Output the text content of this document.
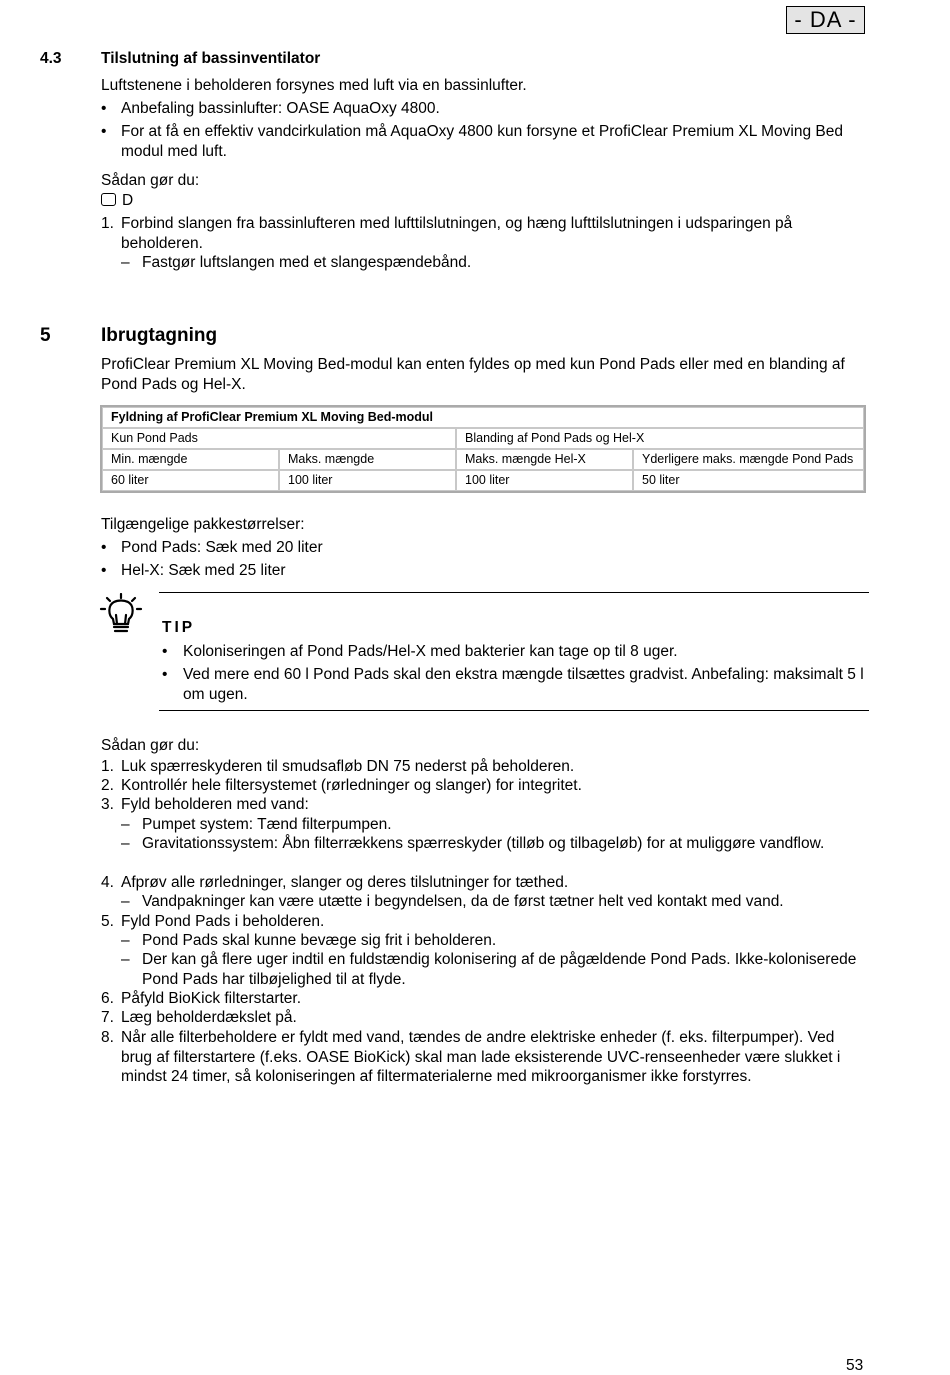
- DA -
4.3	Tilslutning af bassinventilator
Luftstenene i beholderen forsynes med luft via en bassinlufter.
• Anbefaling bassinlufter: OASE AquaOxy 4800.
• For at få en effektiv vandcirkulation må AquaOxy 4800 kun forsyne et ProfiClear Premium XL Moving Bed modul med luft.
Sådan gør du:
D
1. Forbind slangen fra bassinlufteren med lufttilslutningen, og hæng lufttilslutningen i udsparingen på beholderen.
– Fastgør luftslangen med et slangespændebånd.
5	Ibrugtagning
ProfiClear Premium XL Moving Bed-modul kan enten fyldes op med kun Pond Pads eller med en blanding af Pond Pads og Hel-X.
Fyldning af ProfiClear Premium XL Moving Bed-modul			
Kun Pond Pads		Blanding af Pond Pads og Hel-X	
Min. mængde	Maks. mængde	Maks. mængde Hel-X	Yderligere maks. mængde Pond Pads
60 liter	100 liter	100 liter	50 liter
Tilgængelige pakkestørrelser:
• Pond Pads: Sæk med 20 liter
• Hel-X: Sæk med 25 liter
TIP
• Koloniseringen af Pond Pads/Hel-X med bakterier kan tage op til 8 uger.
• Ved mere end 60 l Pond Pads skal den ekstra mængde tilsættes gradvist. Anbefaling: maksimalt 5 l om ugen.
Sådan gør du:
1. Luk spærreskyderen til smudsafløb DN 75 nederst på beholderen.
2. Kontrollér hele filtersystemet (rørledninger og slanger) for integritet.
3. Fyld beholderen med vand:
– Pumpet system: Tænd filterpumpen.
– Gravitationssystem: Åbn filterrækkens spærreskyder (tilløb og tilbageløb) for at muliggøre vandflow.
4. Afprøv alle rørledninger, slanger og deres tilslutninger for tæthed.
– Vandpakninger kan være utætte i begyndelsen, da de først tætner helt ved kontakt med vand.
5. Fyld Pond Pads i beholderen.
– Pond Pads skal kunne bevæge sig frit i beholderen.
– Der kan gå flere uger indtil en fuldstændig kolonisering af de pågældende Pond Pads. Ikke-koloniserede Pond Pads har tilbøjelighed til at flyde.
6. Påfyld BioKick filterstarter.
7. Læg beholderdækslet på.
8. Når alle filterbeholdere er fyldt med vand, tændes de andre elektriske enheder (f. eks. filterpumper). Ved brug af filterstartere (f.eks. OASE BioKick) skal man lade eksisterende UVC-renseenheder være slukket i mindst 24 timer, så koloniseringen af filtermaterialerne med mikroorganismer ikke forstyrres.
53
